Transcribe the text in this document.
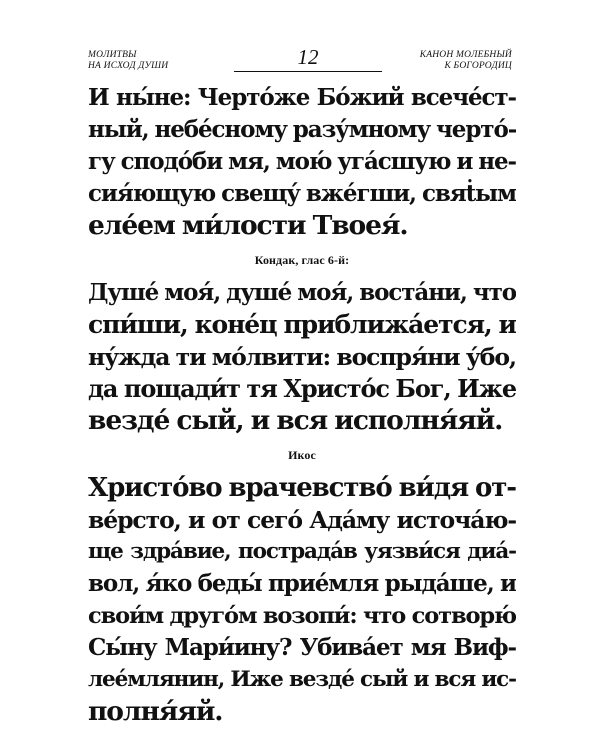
МОЛИТВЫ
НА ИСХОД ДУШИ	12	КАНОН МОЛЕБНЫЙ
К БОГОРОДИЦ
И ны́не: Черто́же Бо́жий всече́ст-
ный, небе́сному разу́мному черто́-
гу сподо́би мя, мою́ уга́сшую и не-
сия́ющую свещу́ вже́гши, свяṫым
еле́ем ми́лости Твоея́.
Кондак, глас 6-й:
Душе́ моя́, душе́ моя́, воста́ни, что
спи́ши, коне́ц приближа́ется, и
ну́жда ти мо́лвити: воспря́ни у́бо,
да пощади́т тя Христо́с Бог, Иже
везде́ сый, и вся исполня́яй.
Икос
Христо́во врачевство́ ви́дя от-
ве́рсто, и от сего́ Ада́му источа́ю-
ще здра́вие, пострада́в уязви́ся диа́-
вол, я́ко беды́ прие́мля рыда́ше, и
свои́м друго́м возопи́: что сотворю́
Сы́ну Мари́ину? Убива́ет мя Виф-
лее́млянин, Иже везде́ сый и вся ис-
полня́яй.
